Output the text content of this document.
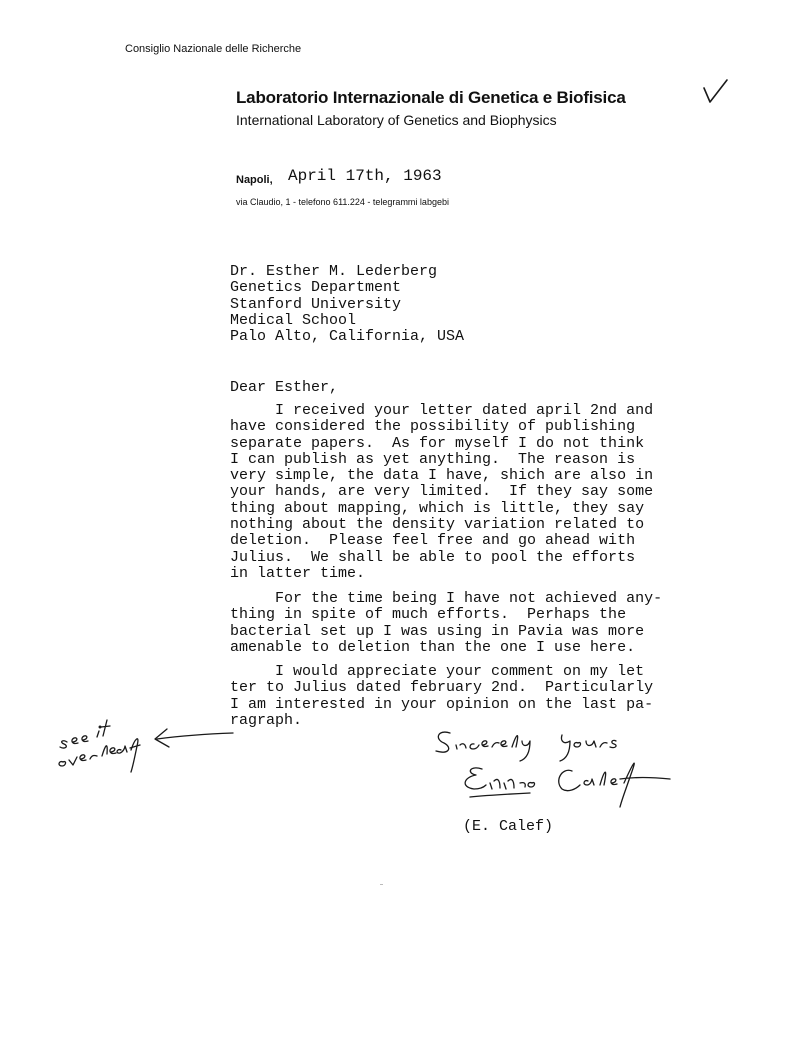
Consiglio Nazionale delle Richerche
Laboratorio Internazionale di Genetica e Biofisica
International Laboratory of Genetics and Biophysics
Napoli, April 17th, 1963
via Claudio, 1 - telefono 611.224 - telegrammi labgebi
Dr. Esther M. Lederberg
Genetics Department
Stanford University
Medical School
Palo Alto, California, USA
Dear Esther,
I received your letter dated april 2nd and
have considered the possibility of publishing
separate papers.  As for myself I do not think
I can publish as yet anything.  The reason is
very simple, the data I have, shich are also in
your hands, are very limited.  If they say some
thing about mapping, which is little, they say
nothing about the density variation related to
deletion.  Please feel free and go ahead with
Julius.  We shall be able to pool the efforts
in latter time.
For the time being I have not achieved any-
thing in spite of much efforts.  Perhaps the
bacterial set up I was using in Pavia was more
amenable to deletion than the one I use here.
I would appreciate your comment on my let
ter to Julius dated february 2nd.  Particularly
I am interested in your opinion on the last pa-
ragraph.
(E. Calef)
